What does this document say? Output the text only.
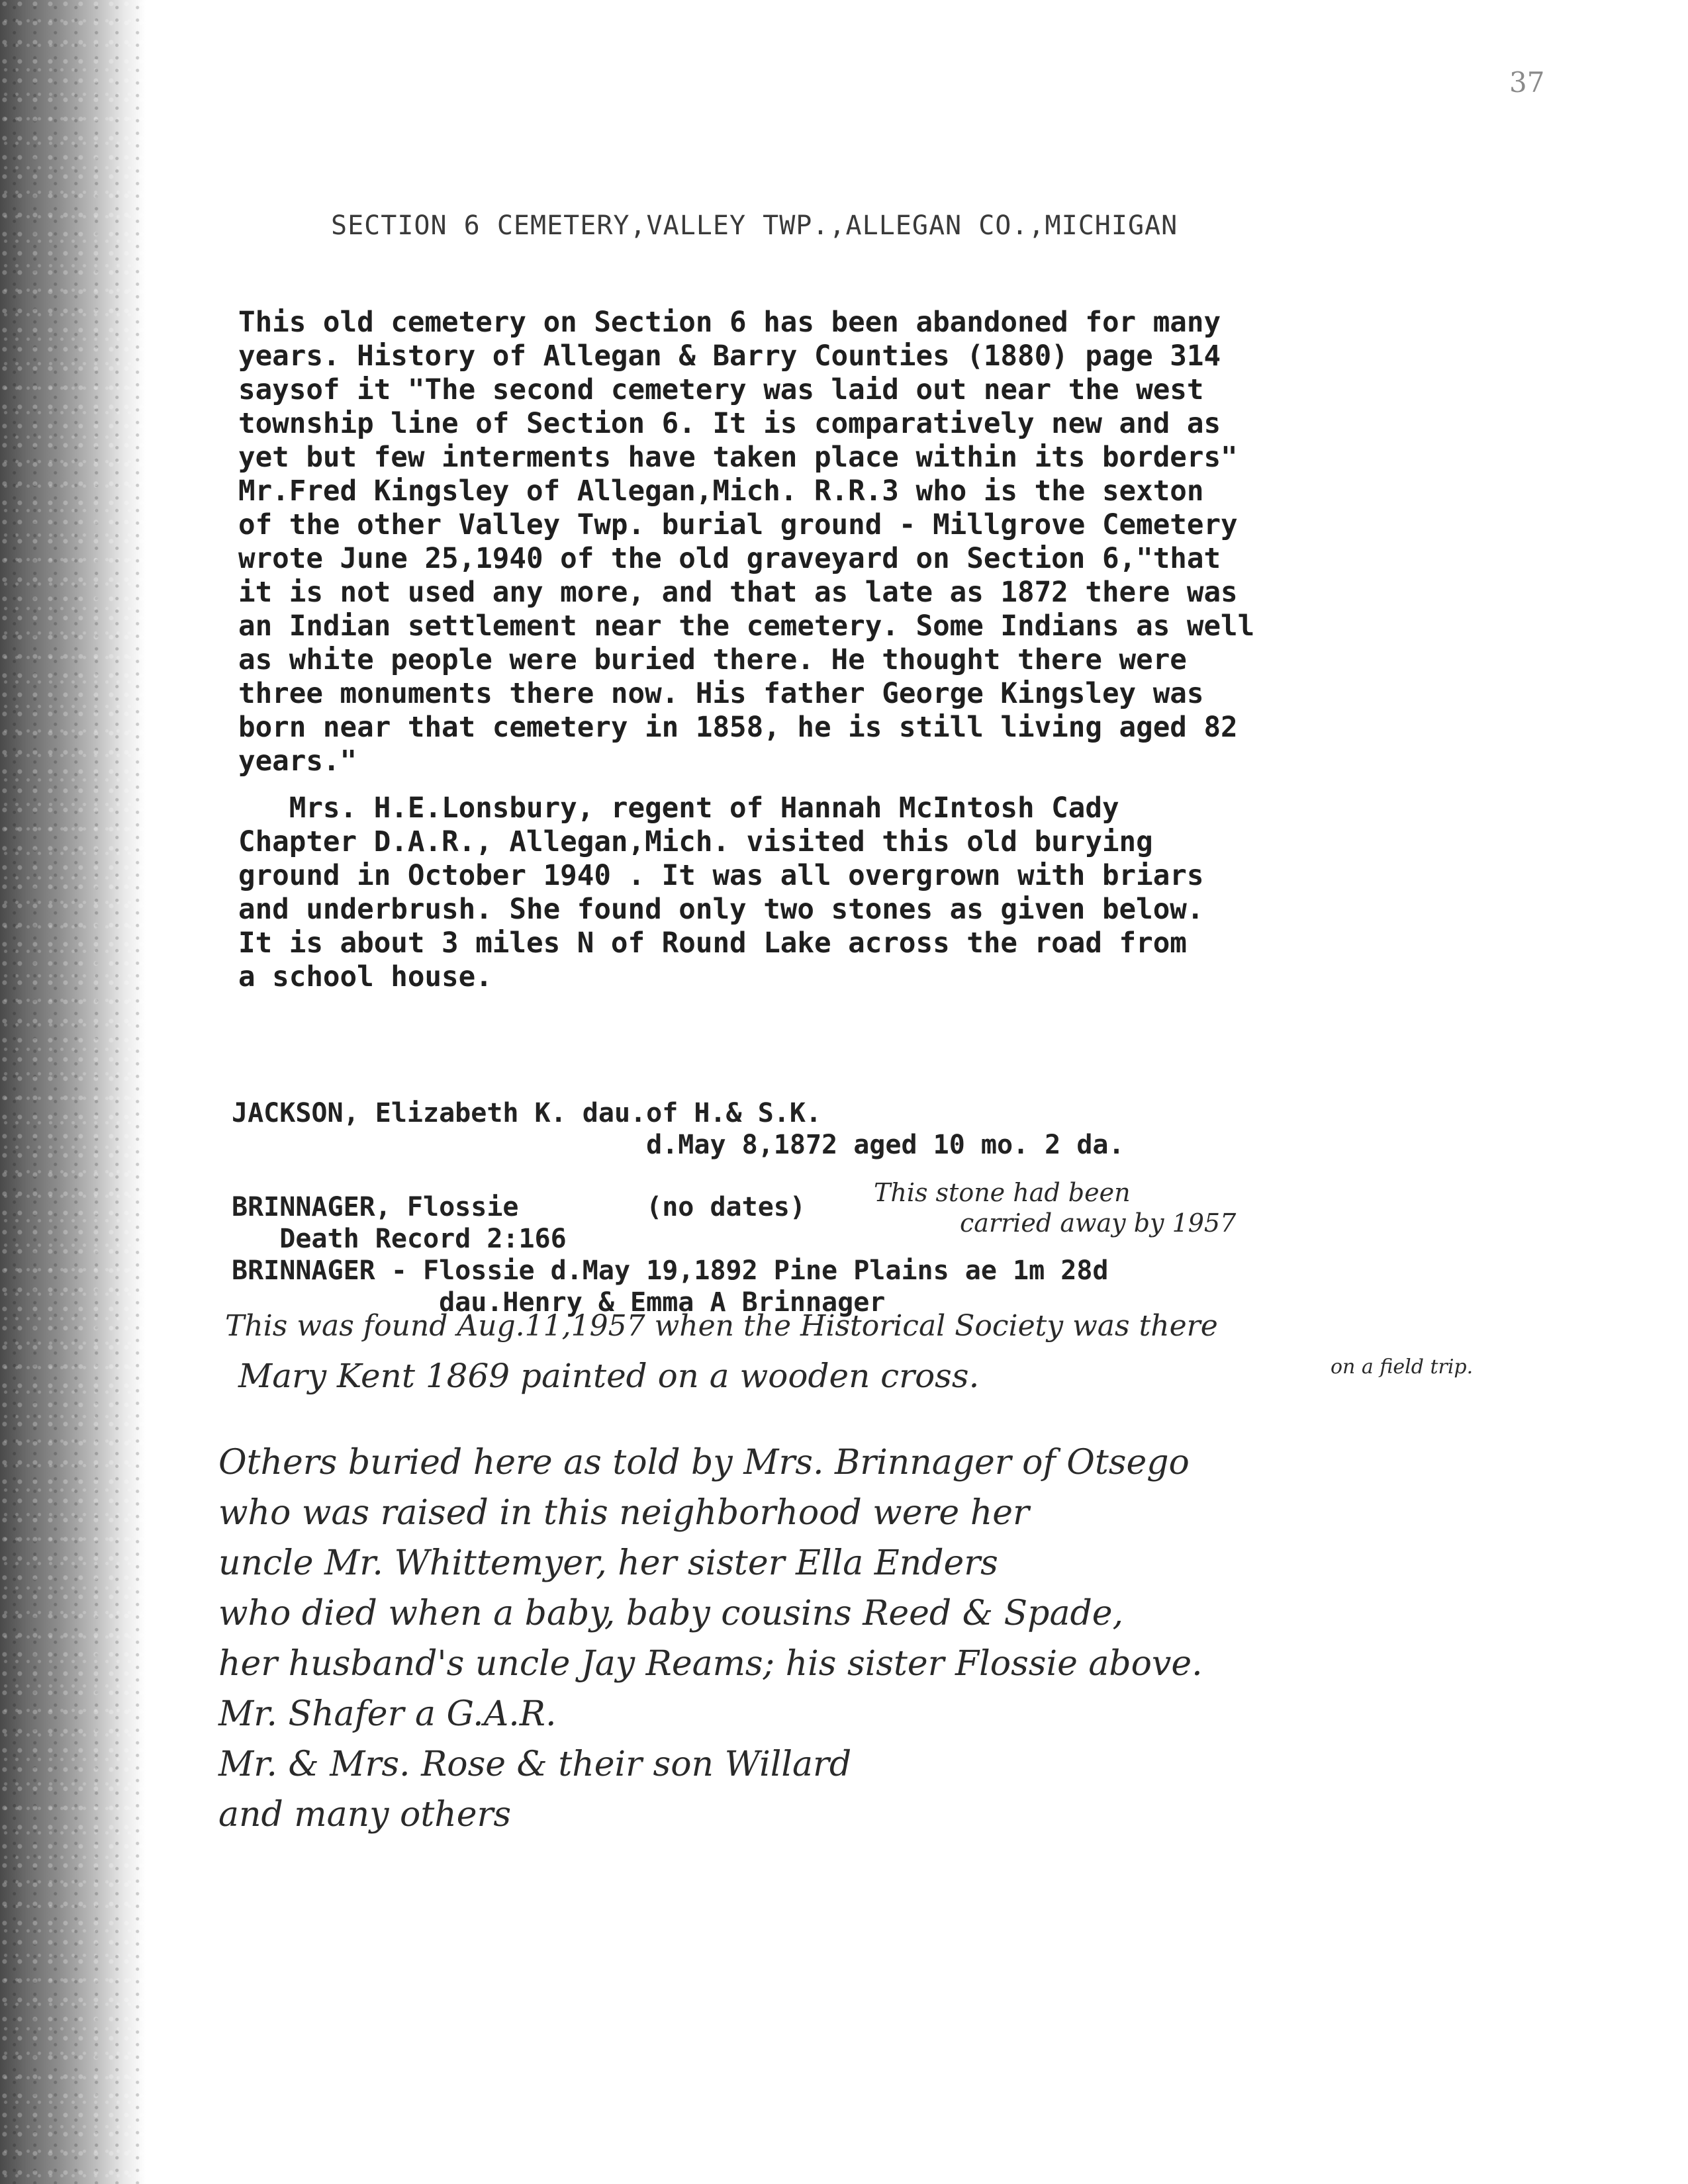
37
SECTION 6 CEMETERY,VALLEY TWP.,ALLEGAN CO.,MICHIGAN
This old cemetery on Section 6 has been abandoned for many
years. History of Allegan & Barry Counties (1880) page 314
saysof it "The second cemetery was laid out near the west
township line of Section 6. It is comparatively new and as
yet but few interments have taken place within its borders"
Mr.Fred Kingsley of Allegan,Mich. R.R.3 who is the sexton
of the other Valley Twp. burial ground - Millgrove Cemetery
wrote June 25,1940 of the old graveyard on Section 6,"that
it is not used any more, and that as late as 1872 there was
an Indian settlement near the cemetery. Some Indians as well
as white people were buried there. He thought there were
three monuments there now. His father George Kingsley was
born near that cemetery in 1858, he is still living aged 82
years."
Mrs. H.E.Lonsbury, regent of Hannah McIntosh Cady
Chapter D.A.R., Allegan,Mich. visited this old burying
ground in October 1940 . It was all overgrown with briars
and underbrush. She found only two stones as given below.
It is about 3 miles N of Round Lake across the road from
a school house.
JACKSON, Elizabeth K. dau.of H.& S.K.
d.May 8,1872 aged 10 mo. 2 da.
BRINNAGER, Flossie        (no dates)
Death Record 2:166
BRINNAGER - Flossie d.May 19,1892 Pine Plains ae 1m 28d
dau.Henry & Emma A Brinnager
This stone had been
carried away by 1957
This was found Aug.11,1957 when the Historical Society was there
on a field trip.
Mary Kent 1869 painted on a wooden cross.
Others buried here as told by Mrs. Brinnager of Otsego
who was raised in this neighborhood were her
uncle Mr. Whittemyer, her sister Ella Enders
who died when a baby, baby cousins Reed & Spade,
her husband's uncle Jay Reams; his sister Flossie above.
Mr. Shafer a G.A.R.
Mr. & Mrs. Rose & their son Willard
and many others
